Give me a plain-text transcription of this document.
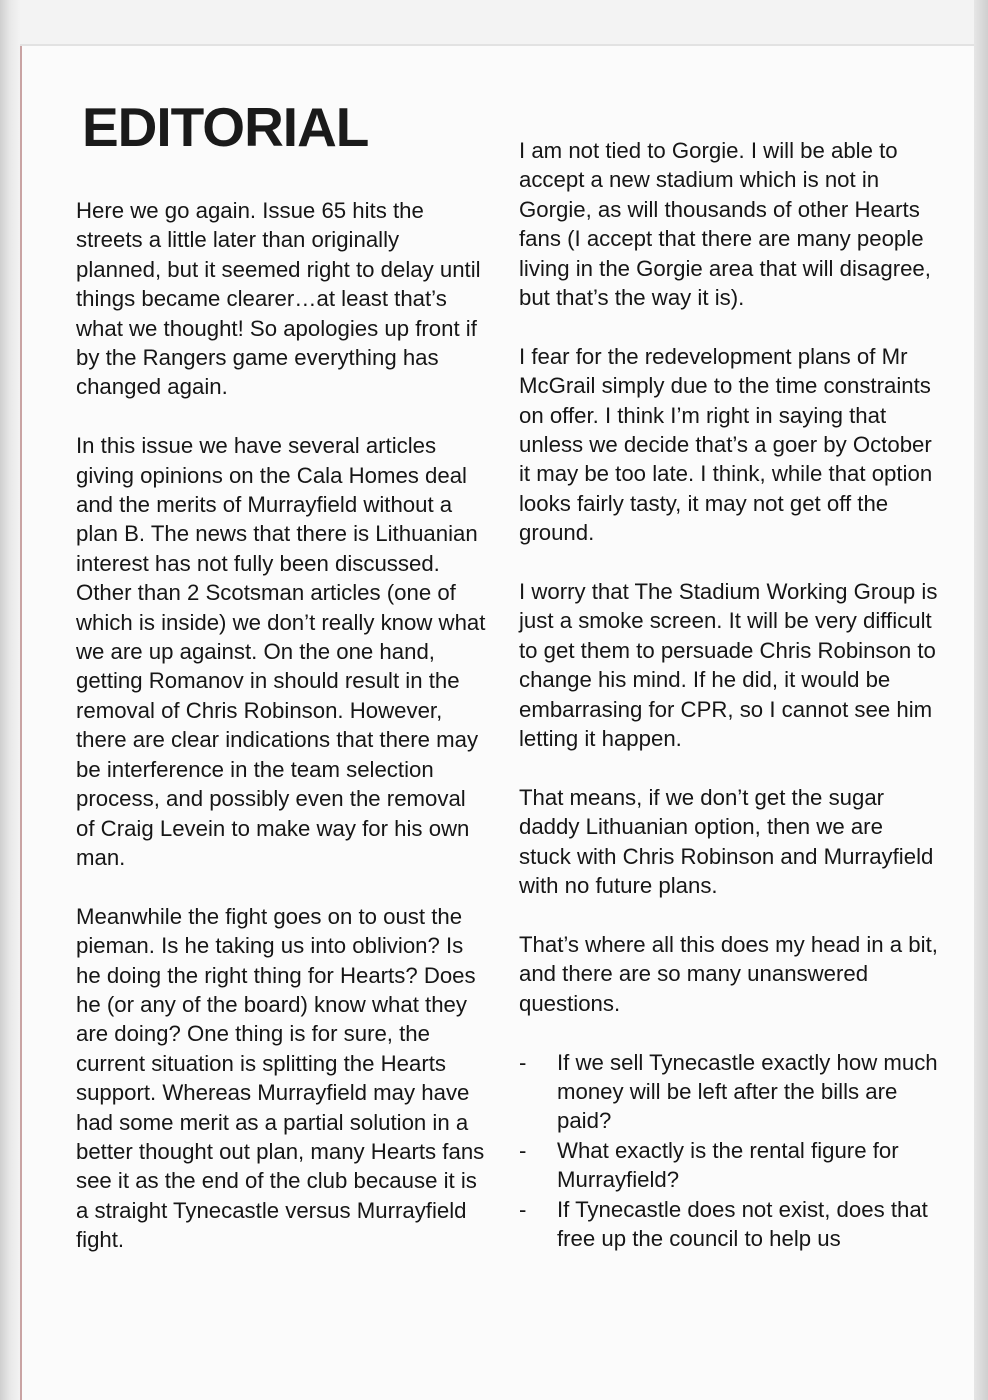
EDITORIAL

Here we go again. Issue 65 hits the streets a little later than originally planned, but it seemed right to delay until things became clearer…at least that’s what we thought! So apologies up front if by the Rangers game everything has changed again.

In this issue we have several articles giving opinions on the Cala Homes deal and the merits of Murrayfield without a plan B. The news that there is Lithuanian interest has not fully been discussed. Other than 2 Scotsman articles (one of which is inside) we don’t really know what we are up against. On the one hand, getting Romanov in should result in the removal of Chris Robinson. However, there are clear indications that there may be interference in the team selection process, and possibly even the removal of Craig Levein to make way for his own man.

Meanwhile the fight goes on to oust the pieman. Is he taking us into oblivion? Is he doing the right thing for Hearts? Does he (or any of the board) know what they are doing? One thing is for sure, the current situation is splitting the Hearts support. Whereas Murrayfield may have had some merit as a partial solution in a better thought out plan, many Hearts fans see it as the end of the club because it is a straight Tynecastle versus Murrayfield fight.

I am not tied to Gorgie. I will be able to accept a new stadium which is not in Gorgie, as will thousands of other Hearts fans (I accept that there are many people living in the Gorgie area that will disagree, but that’s the way it is).

I fear for the redevelopment plans of Mr McGrail simply due to the time constraints on offer. I think I’m right in saying that unless we decide that’s a goer by October it may be too late. I think, while that option looks fairly tasty, it may not get off the ground.

I worry that The Stadium Working Group is just a smoke screen. It will be very difficult to get them to persuade Chris Robinson to change his mind. If he did, it would be embarrasing for CPR, so I cannot see him letting it happen.

That means, if we don’t get the sugar daddy Lithuanian option, then we are stuck with Chris Robinson and Murrayfield with no future plans.

That’s where all this does my head in a bit, and there are so many unanswered questions.

- If we sell Tynecastle exactly how much money will be left after the bills are paid?
- What exactly is the rental figure for Murrayfield?
- If Tynecastle does not exist, does that free up the council to help us
